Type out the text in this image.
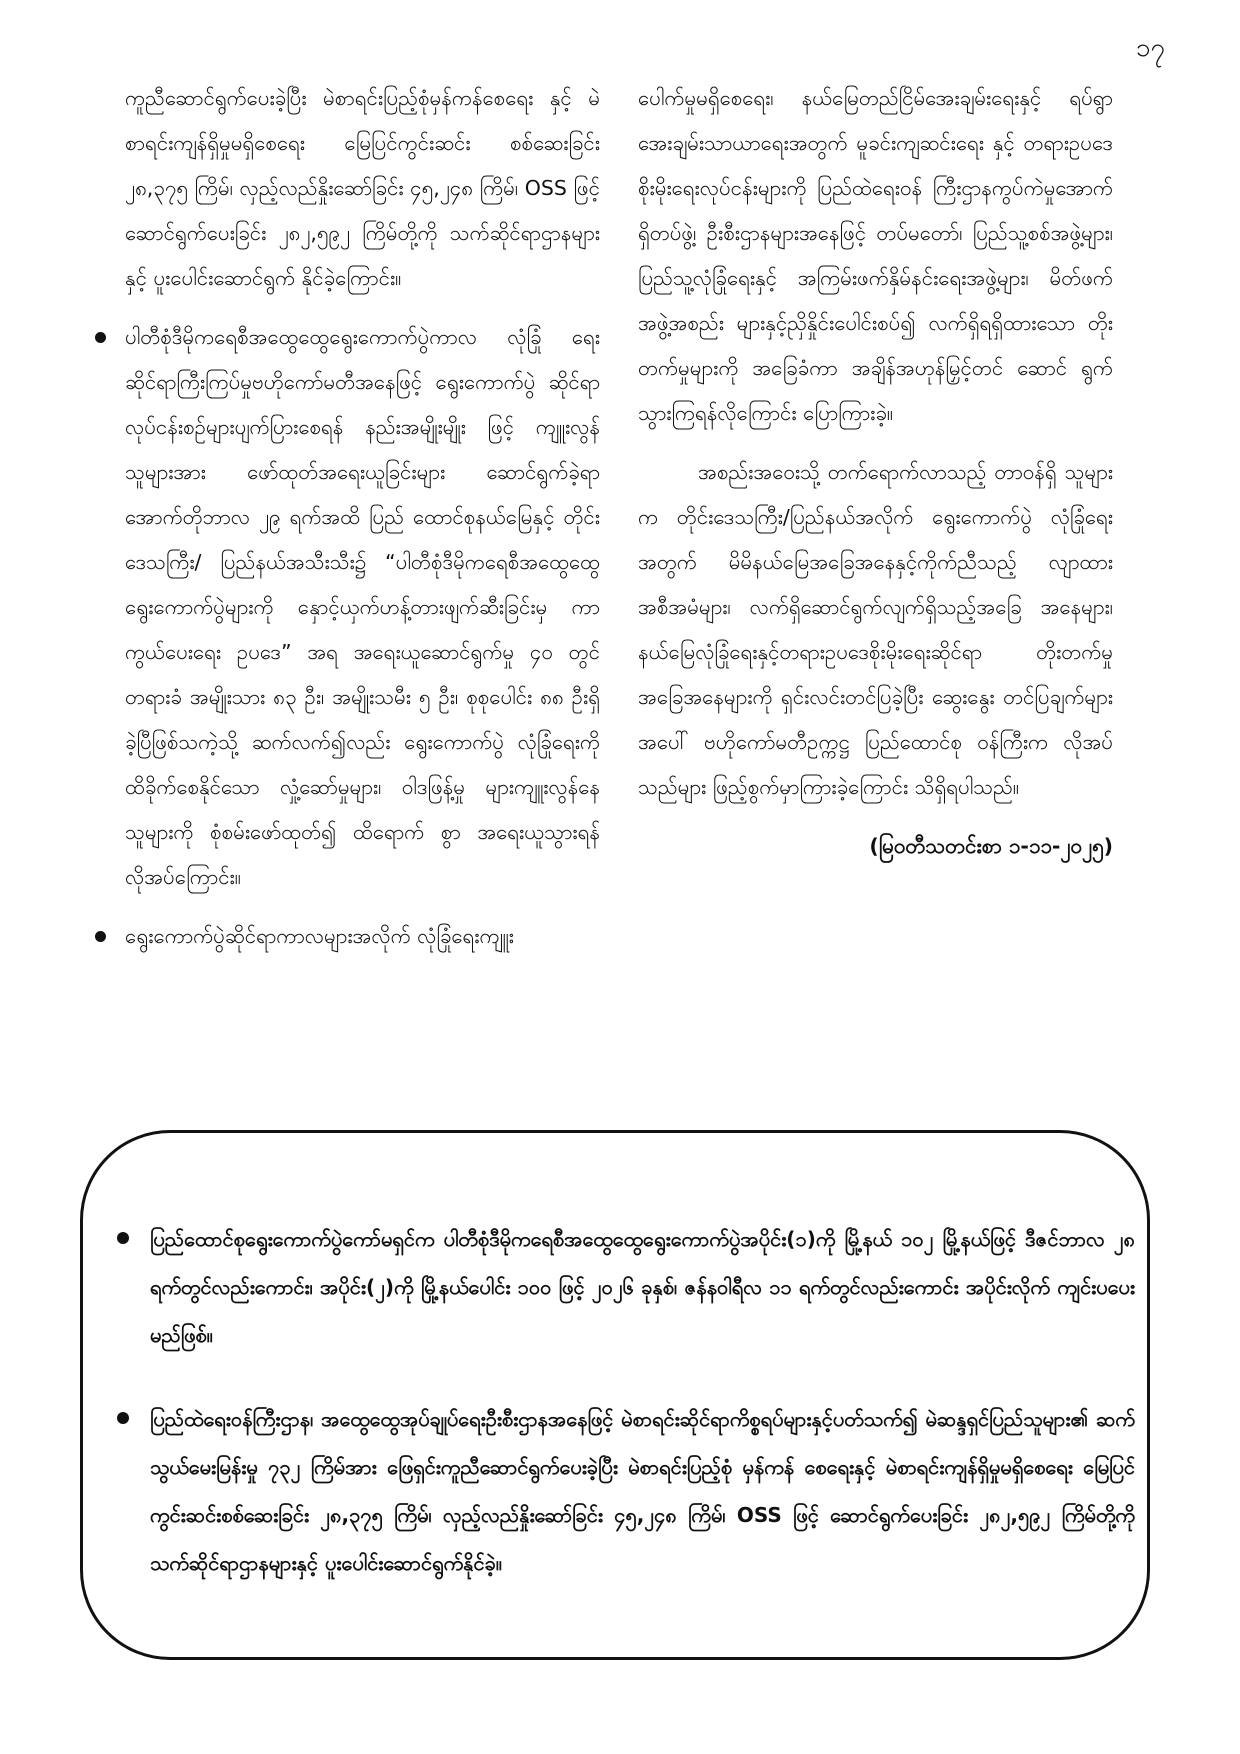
၁၇

ကူညီဆောင်ရွက်ပေးခဲ့ပြီး မဲစာရင်းပြည့်စုံမှန်ကန်စေရေး နှင့် မဲစာရင်းကျန်ရှိမှုမရှိစေရေး မြေပြင်ကွင်းဆင်း စစ်ဆေးခြင်း ၂၈,၃၇၅ ကြိမ်၊ လှည့်လည်နှိုးဆော်ခြင်း ၄၅,၂၄၈ ကြိမ်၊ OSS ဖြင့် ဆောင်ရွက်ပေးခြင်း ၂၈၂,၅၉၂ ကြိမ်တို့ကို သက်ဆိုင်ရာဌာနများနှင့် ပူးပေါင်းဆောင်ရွက် နိုင်ခဲ့ကြောင်း။

ပါတီစုံဒီမိုကရေစီအထွေထွေရွေးကောက်ပွဲကာလ လုံခြုံ ရေးဆိုင်ရာကြီးကြပ်မှုဗဟိုကော်မတီအနေဖြင့် ရွေးကောက်ပွဲ ဆိုင်ရာလုပ်ငန်းစဉ်များပျက်ပြားစေရန် နည်းအမျိုးမျိုး ဖြင့် ကျူးလွန်သူများအား ဖော်ထုတ်အရေးယူခြင်းများ ဆောင်ရွက်ခဲ့ရာ အောက်တိုဘာလ ၂၉ ရက်အထိ ပြည် ထောင်စုနယ်မြေနှင့် တိုင်းဒေသကြီး/ ပြည်နယ်အသီးသီး၌ “ပါတီစုံဒီမိုကရေစီအထွေထွေ ရွေးကောက်ပွဲများကို နှောင့်ယှက်ဟန့်တားဖျက်ဆီးခြင်းမှ ကာကွယ်ပေးရေး ဥပဒေ” အရ အရေးယူဆောင်ရွက်မှု ၄၀ တွင် တရားခံ အမျိုးသား ၈၃ ဦး၊ အမျိုးသမီး ၅ ဦး၊ စုစုပေါင်း ၈၈ ဦးရှိ ခဲ့ပြီဖြစ်သကဲ့သို့ ဆက်လက်၍လည်း ရွေးကောက်ပွဲ လုံခြုံရေးကို ထိခိုက်စေနိုင်သော လှုံ့ဆော်မှုများ၊ ဝါဒဖြန့်မှု များကျူးလွန်နေသူများကို စုံစမ်းဖော်ထုတ်၍ ထိရောက် စွာ အရေးယူသွားရန် လိုအပ်ကြောင်း။
ရွေးကောက်ပွဲဆိုင်ရာကာလများအလိုက် လုံခြုံရေးကျူး

ပေါက်မှုမရှိစေရေး၊ နယ်မြေတည်ငြိမ်အေးချမ်းရေးနှင့် ရပ်ရွာအေးချမ်းသာယာရေးအတွက် မူခင်းကျဆင်းရေး နှင့် တရားဥပဒေစိုးမိုးရေးလုပ်ငန်းများကို ပြည်ထဲရေးဝန် ကြီးဌာနကွပ်ကဲမှုအောက်ရှိတပ်ဖွဲ့၊ ဦးစီးဌာနများအနေဖြင့် တပ်မတော်၊ ပြည်သူ့စစ်အဖွဲ့များ၊ ပြည်သူ့လုံခြုံရေးနှင့် အကြမ်းဖက်နှိမ်နင်းရေးအဖွဲ့များ၊ မိတ်ဖက်အဖွဲ့အစည်း များနှင့်ညှိနှိုင်းပေါင်းစပ်၍ လက်ရှိရရှိထားသော တိုး တက်မှုများကို အခြေခံကာ အချိန်အဟုန်မြှင့်တင် ဆောင် ရွက်သွားကြရန်လိုကြောင်း ပြောကြားခဲ့။

အစည်းအဝေးသို့ တက်ရောက်လာသည့် တာဝန်ရှိ သူများက တိုင်းဒေသကြီး/ပြည်နယ်အလိုက် ရွေးကောက်ပွဲ လုံခြုံရေးအတွက် မိမိနယ်မြေအခြေအနေနှင့်ကိုက်ညီသည့် လျာထားအစီအမံများ၊ လက်ရှိဆောင်ရွက်လျက်ရှိသည့်အခြေ အနေများ၊ နယ်မြေလုံခြုံရေးနှင့်တရားဥပဒေစိုးမိုးရေးဆိုင်ရာ တိုးတက်မှုအခြေအနေများကို ရှင်းလင်းတင်ပြခဲ့ပြီး ဆွေးနွေး တင်ပြချက်များအပေါ် ဗဟိုကော်မတီဥက္ကဋ္ဌ ပြည်ထောင်စု ဝန်ကြီးက လိုအပ်သည်များ ဖြည့်စွက်မှာကြားခဲ့ကြောင်း သိရှိရပါသည်။

(မြဝတီသတင်းစာ ၁-၁၁-၂၀၂၅)

ပြည်ထောင်စုရွေးကောက်ပွဲကော်မရှင်က ပါတီစုံဒီမိုကရေစီအထွေထွေရွေးကောက်ပွဲအပိုင်း(၁)ကို မြို့နယ် ၁၀၂ မြို့နယ်ဖြင့် ဒီဇင်ဘာလ ၂၈ ရက်တွင်လည်းကောင်း၊ အပိုင်း(၂)ကို မြို့နယ်ပေါင်း ၁၀၀ ဖြင့် ၂၀၂၆ ခုနှစ်၊ ဇန်နဝါရီလ ၁၁ ရက်တွင်လည်းကောင်း အပိုင်းလိုက် ကျင်းပပေးမည်ဖြစ်။
ပြည်ထဲရေးဝန်ကြီးဌာန၊ အထွေထွေအုပ်ချုပ်ရေးဦးစီးဌာနအနေဖြင့် မဲစာရင်းဆိုင်ရာကိစ္စရပ်များနှင့်ပတ်သက်၍ မဲဆန္ဒရှင်ပြည်သူများ၏ ဆက်သွယ်မေးမြန်းမှု ၇၃၂ ကြိမ်အား ဖြေရှင်းကူညီဆောင်ရွက်ပေးခဲ့ပြီး မဲစာရင်းပြည့်စုံ မှန်ကန် စေရေးနှင့် မဲစာရင်းကျန်ရှိမှုမရှိစေရေး မြေပြင်ကွင်းဆင်းစစ်ဆေးခြင်း ၂၈,၃၇၅ ကြိမ်၊ လှည့်လည်နှိုးဆော်ခြင်း ၄၅,၂၄၈ ကြိမ်၊ OSS ဖြင့် ဆောင်ရွက်ပေးခြင်း ၂၈၂,၅၉၂ ကြိမ်တို့ကို သက်ဆိုင်ရာဌာနများနှင့် ပူးပေါင်းဆောင်ရွက်နိုင်ခဲ့။
